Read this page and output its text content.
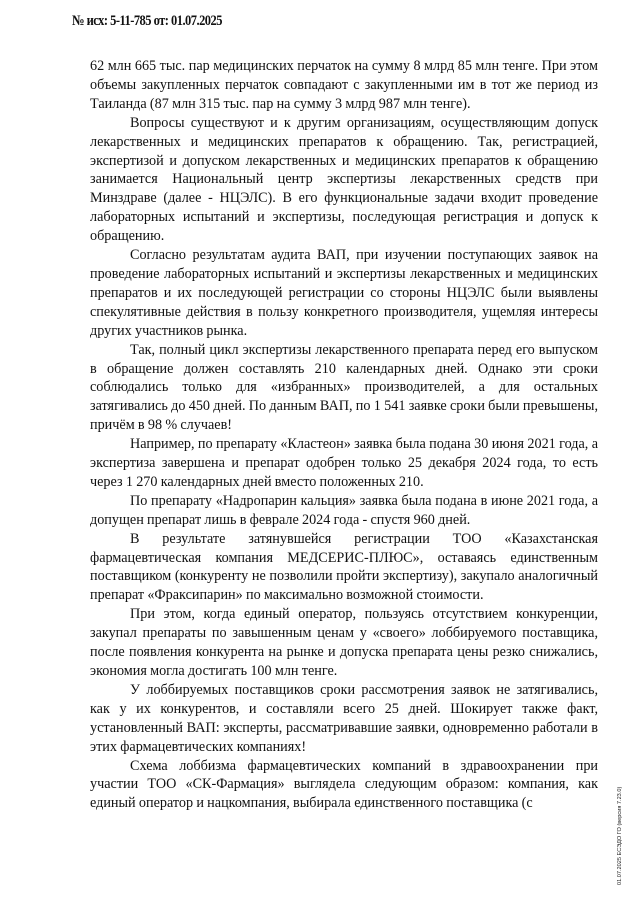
№ исх: 5-11-785 от: 01.07.2025

62 млн 665 тыс. пар медицинских перчаток на сумму 8 млрд 85 млн тенге. При этом объемы закупленных перчаток совпадают с закупленными им в тот же период из Таиланда (87 млн 315 тыс. пар на сумму 3 млрд 987 млн тенге).

Вопросы существуют и к другим организациям, осуществляющим допуск лекарственных и медицинских препаратов к обращению. Так, регистрацией, экспертизой и допуском лекарственных и медицинских препаратов к обращению занимается Национальный центр экспертизы лекарственных средств при Минздраве (далее - НЦЭЛС). В его функциональные задачи входит проведение лабораторных испытаний и экспертизы, последующая регистрация и допуск к обращению.

Согласно результатам аудита ВАП, при изучении поступающих заявок на проведение лабораторных испытаний и экспертизы лекарственных и медицинских препаратов и их последующей регистрации со стороны НЦЭЛС были выявлены спекулятивные действия в пользу конкретного производителя, ущемляя интересы других участников рынка.

Так, полный цикл экспертизы лекарственного препарата перед его выпуском в обращение должен составлять 210 календарных дней. Однако эти сроки соблюдались только для «избранных» производителей, а для остальных затягивались до 450 дней. По данным ВАП, по 1 541 заявке сроки были превышены, причём в 98 % случаев!

Например, по препарату «Кластеон» заявка была подана 30 июня 2021 года, а экспертиза завершена и препарат одобрен только 25 декабря 2024 года, то есть через 1 270 календарных дней вместо положенных 210.

По препарату «Надропарин кальция» заявка была подана в июне 2021 года, а допущен препарат лишь в феврале 2024 года - спустя 960 дней.

В результате затянувшейся регистрации ТОО «Казахстанская фармацевтическая компания МЕДСЕРИС-ПЛЮС», оставаясь единственным поставщиком (конкуренту не позволили пройти экспертизу), закупало аналогичный препарат «Фраксипарин» по максимально возможной стоимости.

При этом, когда единый оператор, пользуясь отсутствием конкуренции, закупал препараты по завышенным ценам у «своего» лоббируемого поставщика, после появления конкурента на рынке и допуска препарата цены резко снижались, экономия могла достигать 100 млн тенге.

У лоббируемых поставщиков сроки рассмотрения заявок не затягивались, как у их конкурентов, и составляли всего 25 дней. Шокирует также факт, установленный ВАП: эксперты, рассматривавшие заявки, одновременно работали в этих фармацевтических компаниях!

Схема лоббизма фармацевтических компаний в здравоохранении при участии ТОО «СК-Фармация» выглядела следующим образом: компания, как единый оператор и нацкомпания, выбирала единственного поставщика (с	01.07.2025 ЕСЭДО ГО (версия 7.23.0)
